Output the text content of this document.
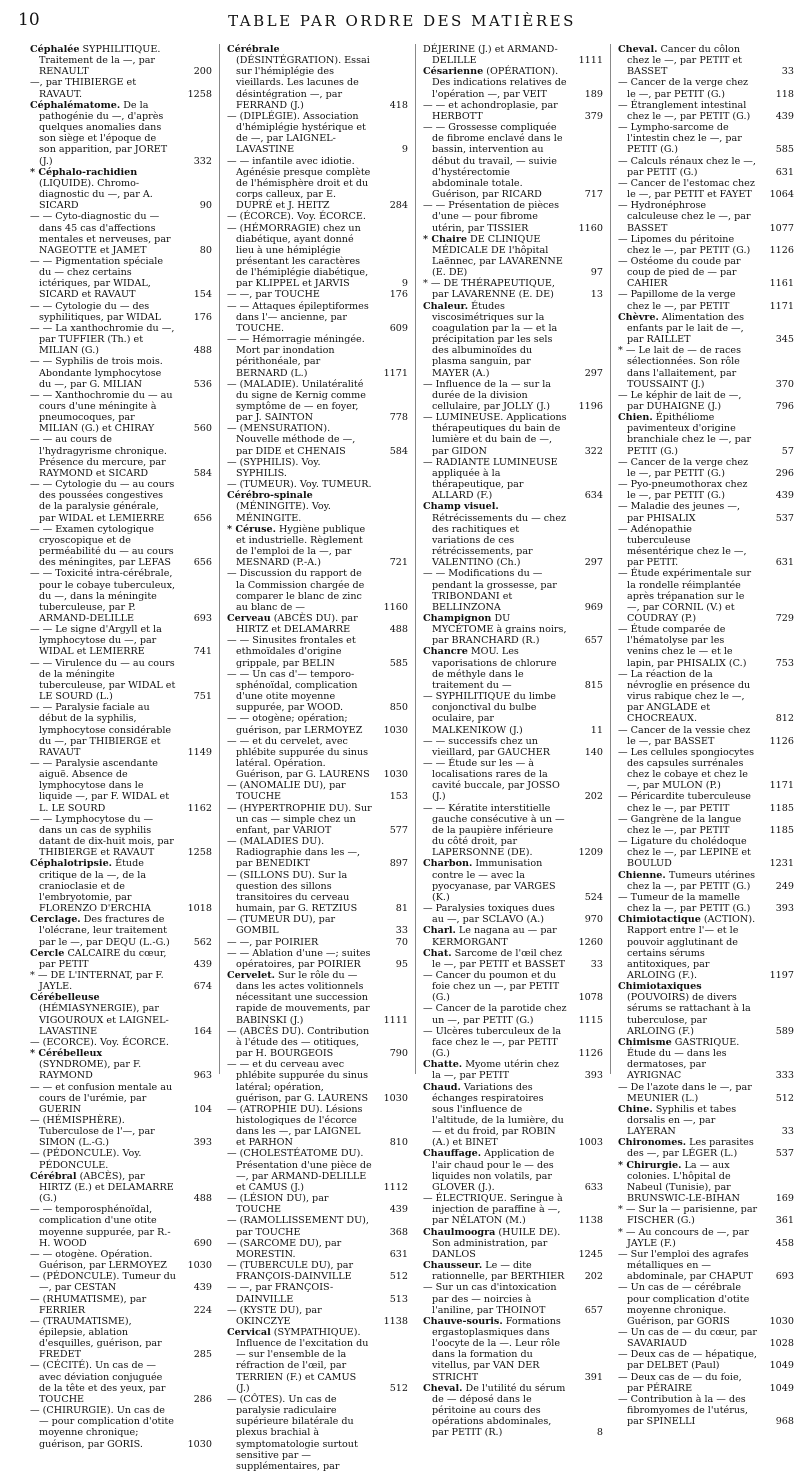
10	TABLE PAR ORDRE DES MATIÈRES
Céphalée SYPHILITIQUE. Traitement de la —, par RENAULT	200
—, par THIBIERGE et RAVAUT.	1258
Céphalématome. De la pathogénie du —, d'après quelques anomalies dans son siège et l'époque de son apparition, par JORET (J.)	332
* Céphalo-rachidien (LIQUIDE). Chromo-diagnostic du —, par A. SICARD	90
— — Cyto-diagnostic du — dans 45 cas d'affections mentales et nerveuses, par NAGEOTTE et JAMET	80
— — Pigmentation spéciale du — chez certains ictériques, par WIDAL, SICARD et RAVAUT	154
— — Cytologie du — des syphilitiques, par WIDAL	176
— — La xanthochromie du —, par TUFFIER (Th.) et MILIAN (G.)	488
— — Syphilis de trois mois. Abondante lymphocytose du —, par G. MILIAN	536
— — Xanthochromie du — au cours d'une méningite à pneumocoques, par MILIAN (G.) et CHIRAY	560
— — au cours de l'hydragyrisme chronique. Présence du mercure, par RAYMOND et SICARD	584
— — Cytologie du — au cours des poussées congestives de la paralysie générale, par WIDAL et LEMIERRE	656
— — Examen cytologique cryoscopique et de perméabilité du — au cours des méningites, par LEFAS 656
— — Toxicité intra-cérébrale, pour le cobaye tuberculeux, du —, dans la méningite tuberculeuse, par P. ARMAND-DELILLE	693
— — Le signe d'Argyll et la lymphocytose du —, par WIDAL et LEMIERRE	741
— — Virulence du — au cours de la méningite tuberculeuse, par WIDAL et LE SOURD (L.)	751
— — Paralysie faciale au début de la syphilis, lymphocytose considérable du —, par THIBIERGE et RAVAUT	1149
— — Paralysie ascendante aiguë. Absence de lymphocytose dans le liquide —, par F. WIDAL et L. LE SOURD	1162
— — Lymphocytose du — dans un cas de syphilis datant de dix-huit mois, par THIBIERGE et RAVAUT	1258
Céphalotripsie. Étude critique de la —, de la cranioclasie et de l'embryotomie, par FLORENZO D'ERCHIA	1018
Cerclage. Des fractures de l'olécrane, leur traitement par le —, par DEQU (L.-G.) 562
Cercle CALCAIRE du cœur, par PETIT	439
* — DE L'INTERNAT, par F. JAYLE.	674
Cérébelleuse (HÉMIASYNERGIE), par VIGOUROUX et LAIGNEL-LAVASTINE	164
— (ECORCE). Voy. ÉCORCE.
* Cérébelleux (SYNDROME), par F. RAYMOND	963
— — et confusion mentale au cours de l'urémie, par GUERIN	104
— (HÉMISPHÈRE). Tuberculose de l'—, par SIMON (L.-G.)	393
— (PÉDONCULE). Voy. PÉDONCULE.
Cérébral (ABCÈS), par HIRTZ (E.) et DELAMARRE (G.)	488
— — temporosphénoïdal, complication d'une otite moyenne suppurée, par R.-H. WOOD	690
— — otogène. Opération. Guérison, par LERMOYEZ 1030
— (PÉDONCULE). Tumeur du —, par CESTAN	439
— (RHUMATISME), par FERRIER	224
— (TRAUMATISME), épilepsie, ablation d'esquilles, guérison, par FREDET	285
— (CÉCITÉ). Un cas de — avec déviation conjuguée de la tête et des yeux, par TOUCHE	286
— (CHIRURGIE). Un cas de — pour complication d'otite moyenne chronique; guérison, par GORIS.	1030
Cérébrale (DÉSINTÉGRATION). Essai sur l'hémiplégie des vieillards. Les lacunes de désintégration —, par FERRAND (J.)	418
— (DIPLÉGIE). Association d'hémiplégie hystérique et de —, par LAIGNEL-LAVASTINE	9
— — infantile avec idiotie. Agénésie presque complète de l'hémisphère droit et du corps calleux, par E. DUPRÉ et J. HEITZ	284
— (ÉCORCE). Voy. ÉCORCE.
— (HÉMORRAGIE) chez un diabétique, ayant donné lieu à une hémiplégie présentant les caractères de l'hémiplégie diabétique, par KLIPPEL et JARVIS	9
— —, par TOUCHE	176
— — Attaques épileptiformes dans l'— ancienne, par TOUCHE.	609
— — Hémorragie méningée. Mort par inondation périthonéale, par BERNARD (L.)	1171
— (MALADIE). Unilatéralité du signe de Kernig comme symptôme de — en foyer, par J. SAINTON	778
— (MENSURATION). Nouvelle méthode de —, par DIDE et CHENAIS	584
— (SYPHILIS). Voy. SYPHILIS.
— (TUMEUR). Voy. TUMEUR.
Cérébro-spinale (MÉNINGITE). Voy. MÉNINGITE.
* Céruse. Hygiène publique et industrielle. Règlement de l'emploi de la —, par MESNARD (P.-A.)	721
— Discussion du rapport de la Commission chargée de comparer le blanc de zinc au blanc de —	1160
Cerveau (ABCÈS DU). par HIRTZ et DELAMARRE	488
— — Sinusites frontales et ethmoïdales d'origine grippale, par BELIN	585
— — Un cas d'— temporo-sphénoïdal, complication d'une otite moyenne suppurée, par WOOD.	850
— — otogène; opération; guérison, par LERMOYEZ 1030
— — et du cervelet, avec phlébite suppurée du sinus latéral. Opération. Guérison, par G. LAURENS 1030
— (ANOMALIE DU), par TOUCHE	153
— (HYPERTROPHIE DU). Sur un cas — simple chez un enfant, par VARIOT	577
— (MALADIES DU). Radiographie dans les —, par BENEDIKT	897
— (SILLONS DU). Sur la question des sillons transitoires du cerveau humain, par G. RETZIUS	81
— (TUMEUR DU), par GOMBIL	33
— —, par POIRIER	70
— — Ablation d'une —; suites opératoires, par POIRIER	95
Cervelet. Sur le rôle du — dans les actes volitionnels nécessitant une succession rapide de mouvements, par BABINSKI (J.)	1111
— (ABCÈS DU). Contribution à l'étude des — otitiques, par H. BOURGEOIS	790
— — et du cerveau avec phlébite suppurée du sinus latéral; opération, guérison, par G. LAURENS 1030
— (ATROPHIE DU). Lésions histologiques de l'écorce dans les —, par LAIGNEL et PARHON	810
— (CHOLESTÉATOME DU). Présentation d'une pièce de —, par ARMAND-DELILLE et CAMUS (J.)	1112
— (LÉSION DU), par TOUCHE	439
— (RAMOLLISSEMENT DU), par TOUCHE	368
— (SARCOME DU), par MORESTIN.	631
— (TUBERCULE DU), par FRANÇOIS-DAINVILLE	512
— —, par FRANÇOIS-DAINVILLE	513
— (KYSTE DU), par OKINCZYE	1138
Cervical (SYMPATHIQUE). Influence de l'excitation du — sur l'ensemble de la réfraction de l'œil, par TERRIEN (F.) et CAMUS (J.)	512
— (CÔTES). Un cas de paralysie radiculaire supérieure bilatérale du plexus brachial à symptomatologie surtout sensitive par — supplémentaires, par
DÉJERINE (J.) et ARMAND-DELILLE	1111
Césarienne (OPÉRATION). Des indications relatives de l'opération —, par VEIT	189
— — et achondroplasie, par HERBOTT	379
— — Grossesse compliquée de fibrome enclavé dans le bassin, intervention au début du travail, — suivie d'hystérectomie abdominale totale. Guérison, par RICARD	717
— — Présentation de pièces d'une — pour fibrome utérin, par TISSIER	1160
* Chaire DE CLINIQUE MÉDICALE DE l'hôpital Laënnec, par LAVARENNE (E. DE)	97
* — DE THÉRAPEUTIQUE, par LAVARENNE (E. DE)	13
Chaleur. Études viscosimétriques sur la coagulation par la — et la précipitation par les sels des albuminoïdes du plasma sanguin, par MAYER (A.)	297
— Influence de la — sur la durée de la division cellulaire, par JOLLY (J.)	1196
— LUMINEUSE. Applications thérapeutiques du bain de lumière et du bain de —, par GIDON	322
— RADIANTE LUMINEUSE appliquée à la thérapeutique, par ALLARD (F.)	634
Champ visuel. Rétrécissements du — chez des rachitiques et variations de ces rétrécissements, par VALENTINO (Ch.)	297
— — Modifications du — pendant la grossesse, par TRIBONDANI et BELLINZONA	969
Champignon DU MYCÉTOME à grains noirs, par BRANCHARD (R.)	657
Chancre MOU. Les vaporisations de chlorure de méthyle dans le traitement du —	815
— SYPHILITIQUE du limbe conjonctival du bulbe oculaire, par MALKENIKOW (J.)	11
— — successifs chez un vieillard, par GAUCHER	140
— — Étude sur les — à localisations rares de la cavité buccale, par JOSSO (J.)	202
— — Kératite interstitielle gauche consécutive à un — de la paupière inférieure du côté droit, par LAPERSONNE (DE).	1209
Charbon. Immunisation contre le — avec la pyocyanase, par VARGES (K.)	524
— Paralysies toxiques dues au —, par SCLAVO (A.)	970
Charl. Le nagana au — par KERMORGANT	1260
Chat. Sarcome de l'œil chez le —, par PETIT et BASSET	33
— Cancer du poumon et du foie chez un —, par PETIT (G.)	1078
— Cancer de la parotide chez un —, par PETIT (G.)	1115
— Ulcères tuberculeux de la face chez le —, par PETIT (G.)	1126
Chatte. Myome utérin chez la —, par PETIT	393
Chaud. Variations des échanges respiratoires sous l'influence de l'altitude, de la lumière, du — et du froid, par ROBIN (A.) et BINET	1003
Chauffage. Application de l'air chaud pour le — des liquides non volatils, par GLOVER (J.).	633
— ÉLECTRIQUE. Seringue à injection de paraffine à —, par NÉLATON (M.)	1138
Chaulmoogra (HUILE DE). Son administration, par DANLOS	1245
Chausseur. Le — dite rationnelle, par BERTHIER 202
— Sur un cas d'intoxication par des — noircies à l'aniline, par THOINOT	657
Chauve-souris. Formations ergastoplasmiques dans l'oocyte de la —. Leur rôle dans la formation du vitellus, par VAN DER STRICHT	391
Cheval. De l'utilité du sérum de — déposé dans le péritoine au cours des opérations abdominales, par PETIT (R.)	8
Cheval. Cancer du côlon chez le —, par PETIT et BASSET	33
— Cancer de la verge chez le —, par PETIT (G.)	118
— Étranglement intestinal chez le —, par PETIT (G.)	439
— Lympho-sarcome de l'intestin chez le —, par PETIT (G.)	585
— Calculs rénaux chez le —, par PETIT (G.)	631
— Cancer de l'estomac chez le —, par PETIT et FAYET 1064
— Hydronéphrose calculeuse chez le —, par BASSET	1077
— Lipomes du péritoine chez le —, par PETIT (G.) 1126
— Ostéome du coude par coup de pied de — par CAHIER	1161
— Papillome de la verge chez le —, par PETIT	1171
Chèvre. Alimentation des enfants par le lait de —, par RAILLET	345
* — Le lait de — de races sélectionnées. Son rôle dans l'allaitement, par TOUSSAINT (J.)	370
— Le képhir de lait de —, par DUHAIGNE (J.)	796
Chien. Épithéliome pavimenteux d'origine branchiale chez le —, par PETIT (G.)	57
— Cancer de la verge chez le —, par PETIT (G.)	296
— Pyo-pneumothorax chez le —, par PETIT (G.)	439
— Maladie des jeunes —, par PHISALIX	537
— Adénopathie tuberculeuse mésentérique chez le —, par PETIT.	631
— Étude expérimentale sur la rondelle réimplantée après trépanation sur le —, par CORNIL (V.) et COUDRAY (P.)	729
— Étude comparée de l'hématolyse par les venins chez le — et le lapin, par PHISALIX (C.)	753
— La réaction de la névroglie en présence du virus rabique chez le —, par ANGLADE et CHOCREAUX.	812
— Cancer de la vessie chez le —, par BASSET	1126
— Les cellules spongiocytes des capsules surrénales chez le cobaye et chez le —, par MULON (P.)	1171
— Péricardite tuberculeuse chez le —, par PETIT	1185
— Gangrène de la langue chez le —, par PETIT	1185
— Ligature du cholédoque chez le —, par LEPINE et BOULUD	1231
Chienne. Tumeurs utérines chez la —, par PETIT (G.)	249
— Tumeur de la mamelle chez la —, par PETIT (G.)	393
Chimiotactique (ACTION). Rapport entre l'— et le pouvoir agglutinant de certains sérums antitoxiques, par ARLOING (F.).	1197
Chimiotaxiques (POUVOIRS) de divers sérums se rattachant à la tuberculose, par ARLOING (F.)	589
Chimisme GASTRIQUE. Étude du — dans les dermatoses, par AYRIGNAC	333
— De l'azote dans le —, par MEUNIER (L.)	512
Chine. Syphilis et tabes dorsalis en —, par LAYERAN	33
Chironomes. Les parasites des —, par LÉGER (L.)	537
* Chirurgie. La — aux colonies. L'hôpital de Nabeul (Tunisie), par BRUNSWIC-LE-BIHAN	169
* — Sur la — parisienne, par FISCHER (G.)	361
* — Au concours de —, par JAYLE (F.)	458
— Sur l'emploi des agrafes métalliques en — abdominale, par CHAPUT 693
— Un cas de — cérébrale pour complication d'otite moyenne chronique. Guérison, par GORIS	1030
— Un cas de — du cœur, par SAVARIAUD	1028
— Deux cas de — hépatique, par DELBET (Paul)	1049
— Deux cas de — du foie, par PÉRAIRE	1049
— Contribution à la — des fibromyomes de l'utérus, par SPINELLI	968
